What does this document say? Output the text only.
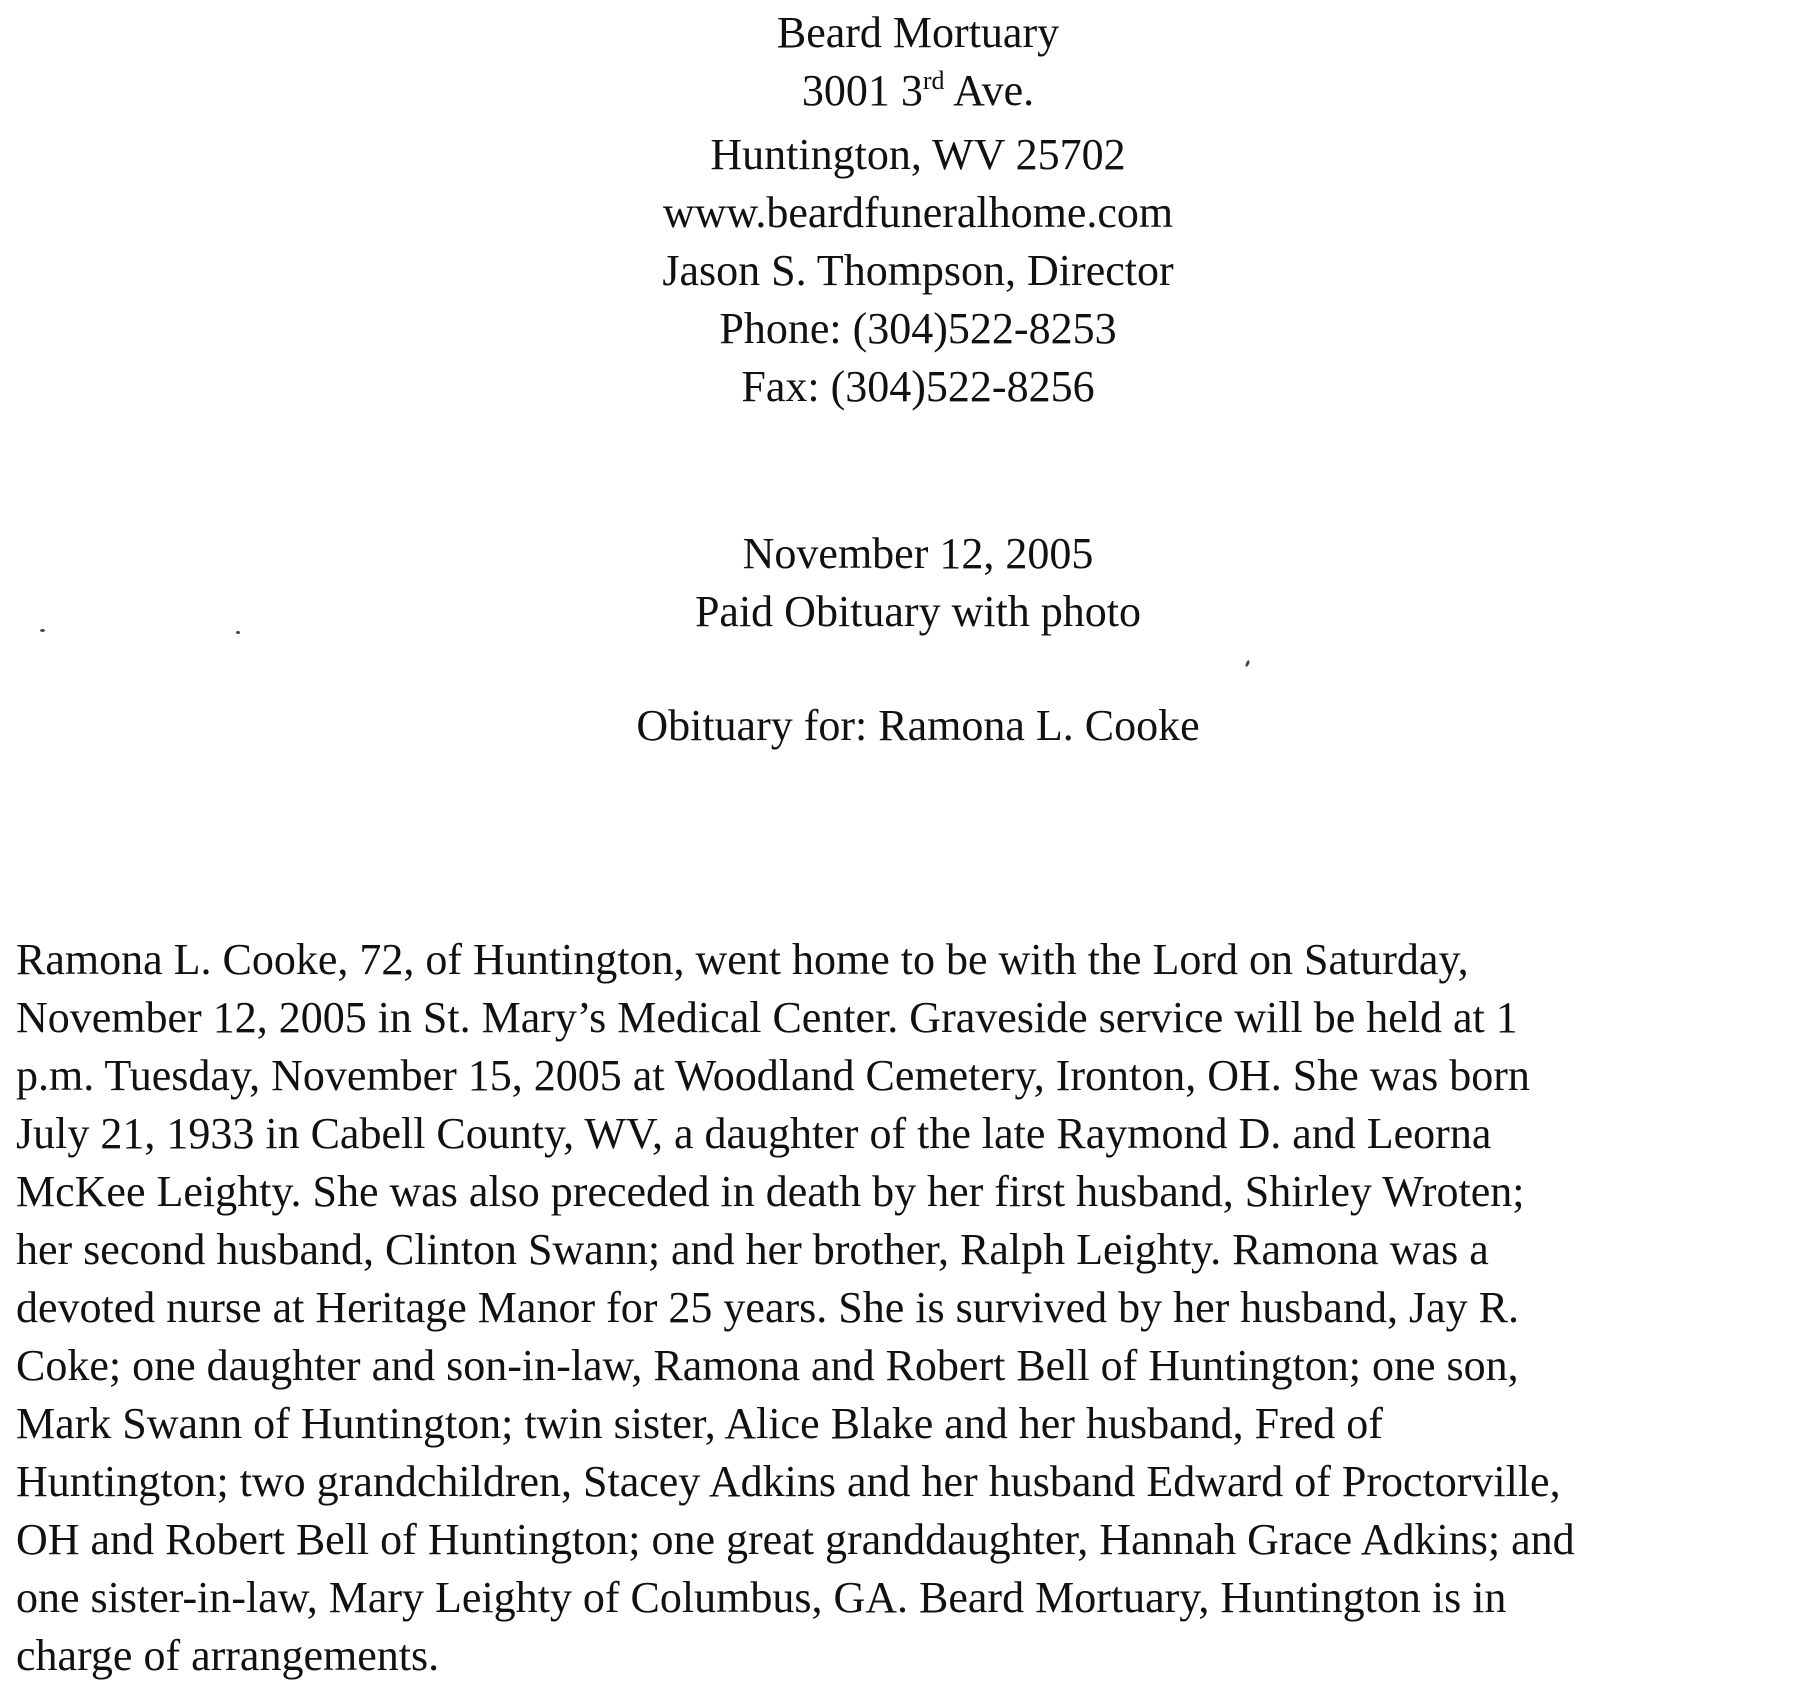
Beard Mortuary
3001 3rd Ave.
Huntington, WV 25702
www.beardfuneralhome.com
Jason S. Thompson, Director
Phone: (304)522-8253
Fax: (304)522-8256
November 12, 2005
Paid Obituary with photo
Obituary for: Ramona L. Cooke
Ramona L. Cooke, 72, of Huntington, went home to be with the Lord on Saturday,
November 12, 2005 in St. Mary’s Medical Center. Graveside service will be held at 1
p.m. Tuesday, November 15, 2005 at Woodland Cemetery, Ironton, OH. She was born
July 21, 1933 in Cabell County, WV, a daughter of the late Raymond D. and Leorna
McKee Leighty. She was also preceded in death by her first husband, Shirley Wroten;
her second husband, Clinton Swann; and her brother, Ralph Leighty. Ramona was a
devoted nurse at Heritage Manor for 25 years. She is survived by her husband, Jay R.
Coke; one daughter and son-in-law, Ramona and Robert Bell of Huntington; one son,
Mark Swann of Huntington; twin sister, Alice Blake and her husband, Fred of
Huntington; two grandchildren, Stacey Adkins and her husband Edward of Proctorville,
OH and Robert Bell of Huntington; one great granddaughter, Hannah Grace Adkins; and
one sister-in-law, Mary Leighty of Columbus, GA. Beard Mortuary, Huntington is in
charge of arrangements.
